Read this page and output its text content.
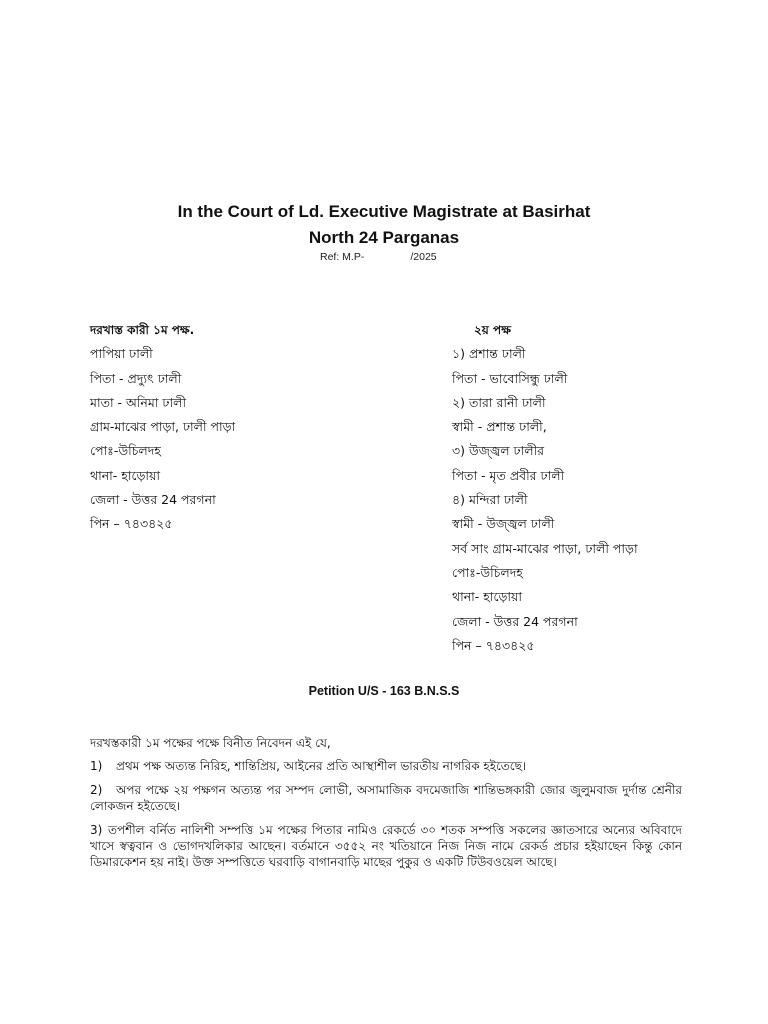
In the Court of Ld. Executive Magistrate at Basirhat
North 24 Parganas
Ref: M.P-	/2025
দরখাস্ত কারী ১ম পক্ষ.
পাপিয়া ঢালী
পিতা - প্রদ্যুৎ ঢালী
মাতা - অনিমা ঢালী
গ্রাম-মাঝের পাড়া, ঢালী পাড়া
পোঃ-উচিলদহ
থানা- হাড়োয়া
জেলা - উত্তর 24 পরগনা
পিন – ৭৪৩৪২৫
২য় পক্ষ
১) প্রশান্ত ঢালী
পিতা - ভাবোসিন্ধু ঢালী
২) তারা রানী ঢালী
স্বামী - প্রশান্ত ঢালী,
৩) উজ্জ্বল ঢালীর
পিতা - মৃত প্রবীর ঢালী
৪) মন্দিরা ঢালী
স্বামী - উজ্জ্বল ঢালী
সর্ব সাং গ্রাম-মাঝের পাড়া, ঢালী পাড়া
পোঃ-উচিলদহ
থানা- হাড়োয়া
জেলা - উত্তর 24 পরগনা
পিন – ৭৪৩৪২৫
Petition U/S - 163 B.N.S.S
দরখস্তকারী ১ম পক্ষের পক্ষে বিনীত নিবেদন এই যে,
1) প্রথম পক্ষ অত্যন্ত নিরিহ, শান্তিপ্রিয়, আইনের প্রতি আস্থাশীল ভারতীয় নাগরিক হইতেছে।
2) অপর পক্ষে ২য় পক্ষগন অত্যন্ত পর সম্পদ লোভী, অসামাজিক বদমেজাজি শান্তিভঙ্গকারী জোর জুলুমবাজ দুর্দান্ত শ্রেনীর লোকজন হইতেছে।
3) তপশীল বর্নিত নালিশী সম্পত্তি ১ম পক্ষের পিতার নামিও রেকর্ডে ৩০ শতক সম্পত্তি সকলের জ্ঞাতসারে অন্যের অবিবাদে খাসে স্বত্ববান ও ভোগদখলিকার আছেন। বর্তমানে ৩৫৫২ নং খতিয়ানে নিজ নিজ নামে রেকর্ড প্রচার হইয়াছেন কিন্তু কোন ডিমারকেশন হয় নাই। উক্ত সম্পত্তিতে ঘরবাড়ি বাগানবাড়ি মাছের পুকুর ও একটি টিউবওয়েল আছে।
